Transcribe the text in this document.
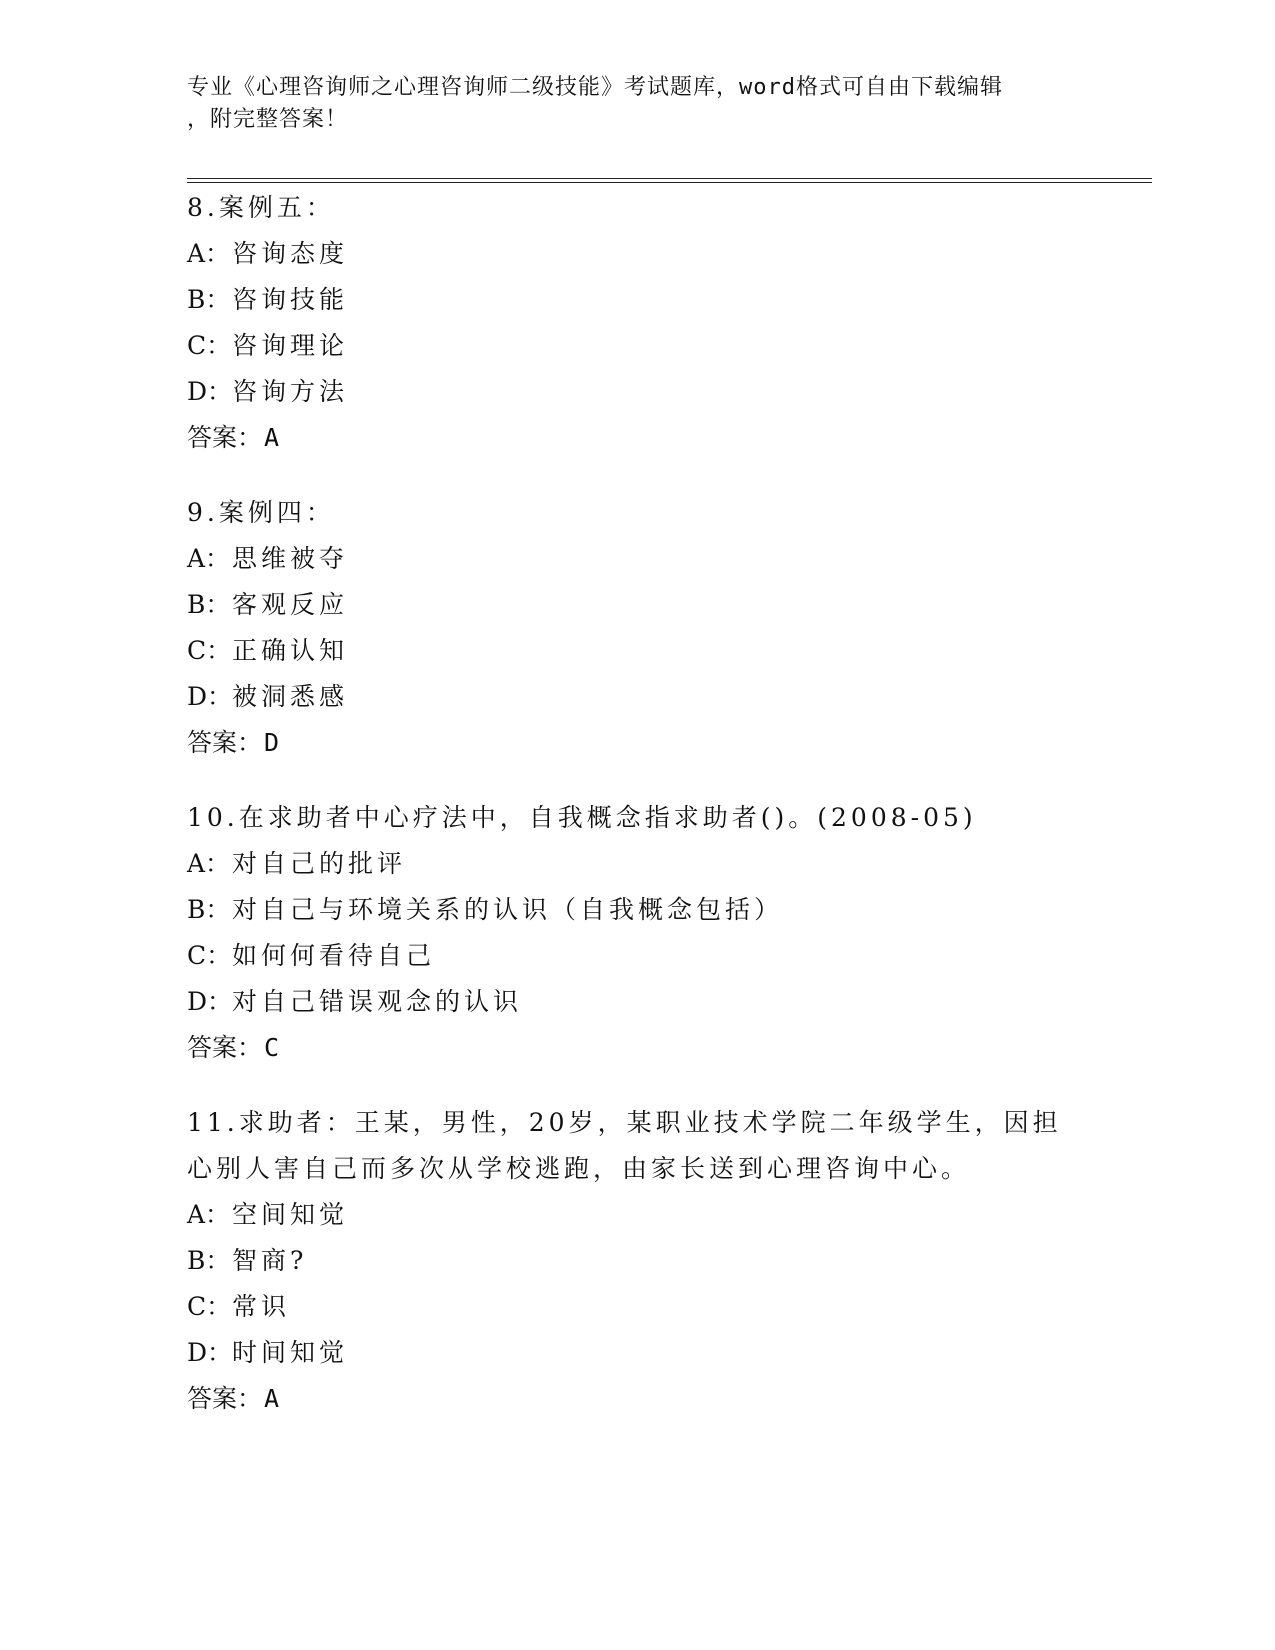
专业《心理咨询师之心理咨询师二级技能》考试题库，word格式可自由下载编辑
，附完整答案！

8.案例五：

A：咨询态度

B：咨询技能

C：咨询理论

D：咨询方法

答案：A

9.案例四：

A：思维被夺

B：客观反应

C：正确认知

D：被洞悉感

答案：D

10.在求助者中心疗法中，自我概念指求助者()。(2008-05)

A：对自己的批评

B：对自己与环境关系的认识（自我概念包括）

C：如何何看待自己

D：对自己错误观念的认识

答案：C

11.求助者：王某，男性，20岁，某职业技术学院二年级学生，因担心别人害自己而多次从学校逃跑，由家长送到心理咨询中心。

A：空间知觉

B：智商?

C：常识

D：时间知觉

答案：A
